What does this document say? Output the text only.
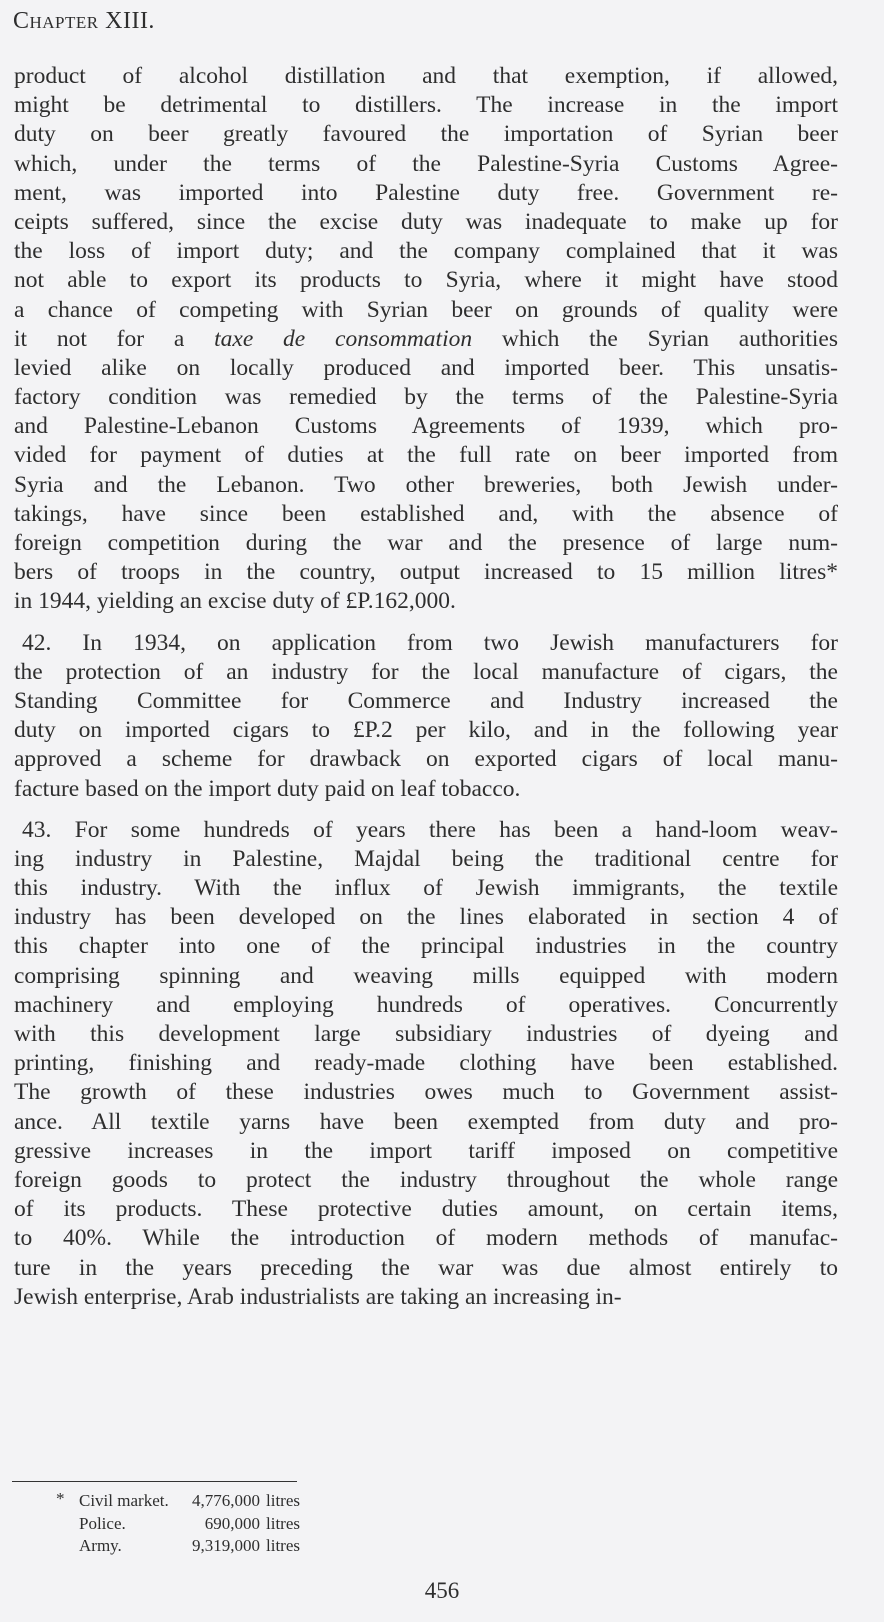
Chapter XIII.
product of alcohol distillation and that exemption, if allowed,
might be detrimental to distillers. The increase in the import
duty on beer greatly favoured the importation of Syrian beer
which, under the terms of the Palestine-Syria Customs Agree-
ment, was imported into Palestine duty free. Government re-
ceipts suffered, since the excise duty was inadequate to make up for
the loss of import duty; and the company complained that it was
not able to export its products to Syria, where it might have stood
a chance of competing with Syrian beer on grounds of quality were
it not for a taxe de consommation which the Syrian authorities
levied alike on locally produced and imported beer. This unsatis-
factory condition was remedied by the terms of the Palestine-Syria
and Palestine-Lebanon Customs Agreements of 1939, which pro-
vided for payment of duties at the full rate on beer imported from
Syria and the Lebanon. Two other breweries, both Jewish under-
takings, have since been established and, with the absence of
foreign competition during the war and the presence of large num-
bers of troops in the country, output increased to 15 million litres*
in 1944, yielding an excise duty of £P.162,000.
42. In 1934, on application from two Jewish manufacturers for
the protection of an industry for the local manufacture of cigars, the
Standing Committee for Commerce and Industry increased the
duty on imported cigars to £P.2 per kilo, and in the following year
approved a scheme for drawback on exported cigars of local manu-
facture based on the import duty paid on leaf tobacco.
43. For some hundreds of years there has been a hand-loom weav-
ing industry in Palestine, Majdal being the traditional centre for
this industry. With the influx of Jewish immigrants, the textile
industry has been developed on the lines elaborated in section 4 of
this chapter into one of the principal industries in the country
comprising spinning and weaving mills equipped with modern
machinery and employing hundreds of operatives. Concurrently
with this development large subsidiary industries of dyeing and
printing, finishing and ready-made clothing have been established.
The growth of these industries owes much to Government assist-
ance. All textile yarns have been exempted from duty and pro-
gressive increases in the import tariff imposed on competitive
foreign goods to protect the industry throughout the whole range
of its products. These protective duties amount, on certain items,
to 40%. While the introduction of modern methods of manufac-
ture in the years preceding the war was due almost entirely to
Jewish enterprise, Arab industrialists are taking an increasing in-
* Civil market.	4,776,000 litres
Police.	690,000 litres
Army.	9,319,000 litres
456
